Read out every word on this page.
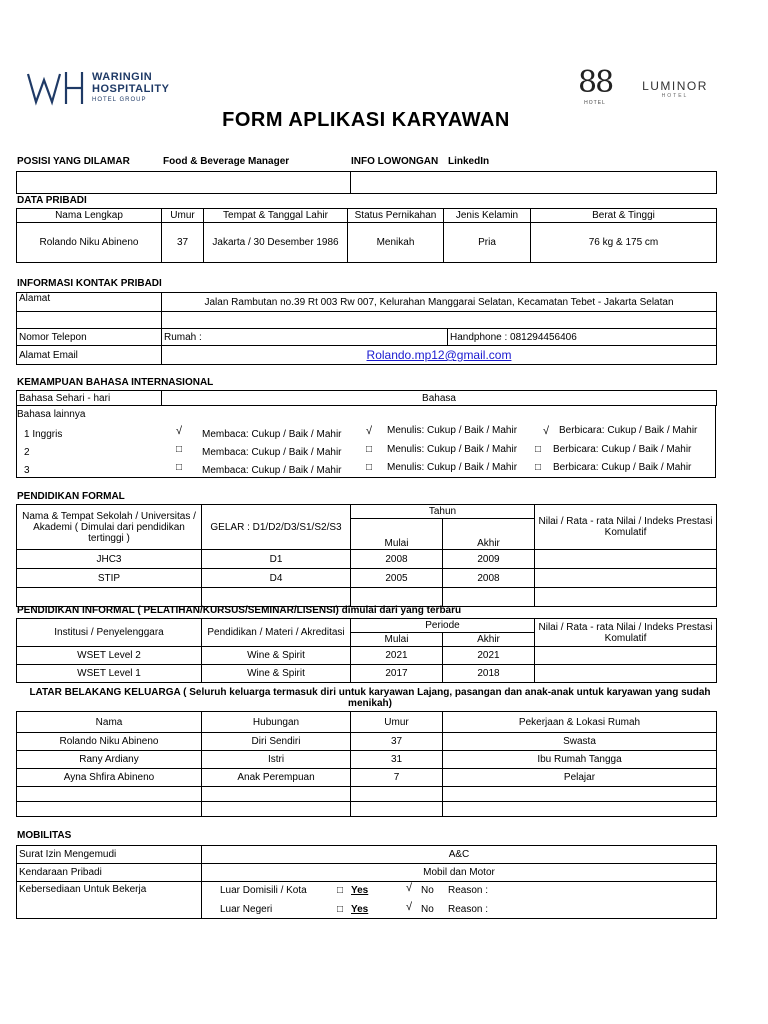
WARINGIN
HOSPITALITY
HOTEL GROUP	88
HOTEL
LUMINOR
HOTEL
FORM APLIKASI KARYAWAN
POSISI YANG DILAMAR	Food & Beverage Manager	INFO LOWONGAN LinkedIn

DATA PRIBADI
Nama Lengkap	Umur	Tempat & Tanggal Lahir	Status Pernikahan	Jenis Kelamin	Berat & Tinggi
Rolando Niku Abineno	37	Jakarta / 30 Desember 1986	Menikah	Pria	76 kg & 175 cm
INFORMASI KONTAK PRIBADI
Alamat	Jalan Rambutan no.39 Rt 003 Rw 007, Kelurahan Manggarai Selatan, Kecamatan Tebet - Jakarta Selatan	

Nomor Telepon	Rumah :	Handphone : 081294456406
Alamat Email	Rolando.mp12@gmail.com	
KEMAMPUAN BAHASA INTERNASIONAL
Bahasa Sehari - hari	Bahasa
Bahasa lainnya
1 Inggris	√ Membaca: Cukup / Baik / Mahir √ Menulis: Cukup / Baik / Mahir √ Berbicara: Cukup / Baik / Mahir
2	□ Membaca: Cukup / Baik / Mahir □ Menulis: Cukup / Baik / Mahir □ Berbicara: Cukup / Baik / Mahir
3	□ Membaca: Cukup / Baik / Mahir □ Menulis: Cukup / Baik / Mahir □ Berbicara: Cukup / Baik / Mahir
PENDIDIKAN FORMAL
Nama & Tempat Sekolah / Universitas / Akademi ( Dimulai dari pendidikan tertinggi )	GELAR : D1/D2/D3/S1/S2/S3	Tahun		Nilai / Rata - rata Nilai / Indeks Prestasi Komulatif
		Mulai	Akhir	
JHC3	D1	2008	2009	
STIP	D4	2005	2008	

PENDIDIKAN INFORMAL ( PELATIHAN/KURSUS/SEMINAR/LISENSI) dimulai dari yang terbaru
Institusi / Penyelenggara	Pendidikan / Materi / Akreditasi	Periode		Nilai / Rata - rata Nilai / Indeks Prestasi Komulatif
		Mulai	Akhir	
WSET Level 2	Wine & Spirit	2021	2021	
WSET Level 1	Wine & Spirit	2017	2018	
LATAR BELAKANG KELUARGA ( Seluruh keluarga termasuk diri untuk karyawan Lajang, pasangan dan anak-anak untuk karyawan yang sudah menikah)
Nama	Hubungan	Umur	Pekerjaan & Lokasi Rumah
Rolando Niku Abineno	Diri Sendiri	37	Swasta
Rany Ardiany	Istri	31	Ibu Rumah Tangga
Ayna Shfira Abineno	Anak Perempuan	7	Pelajar

MOBILITAS
Surat Izin Mengemudi	A&C
Kendaraan Pribadi	Mobil dan Motor
Kebersediaan Untuk Bekerja		Luar Domisili / Kota	□ Yes	√ No Reason :
Luar Negeri	□ Yes	√ No Reason :
